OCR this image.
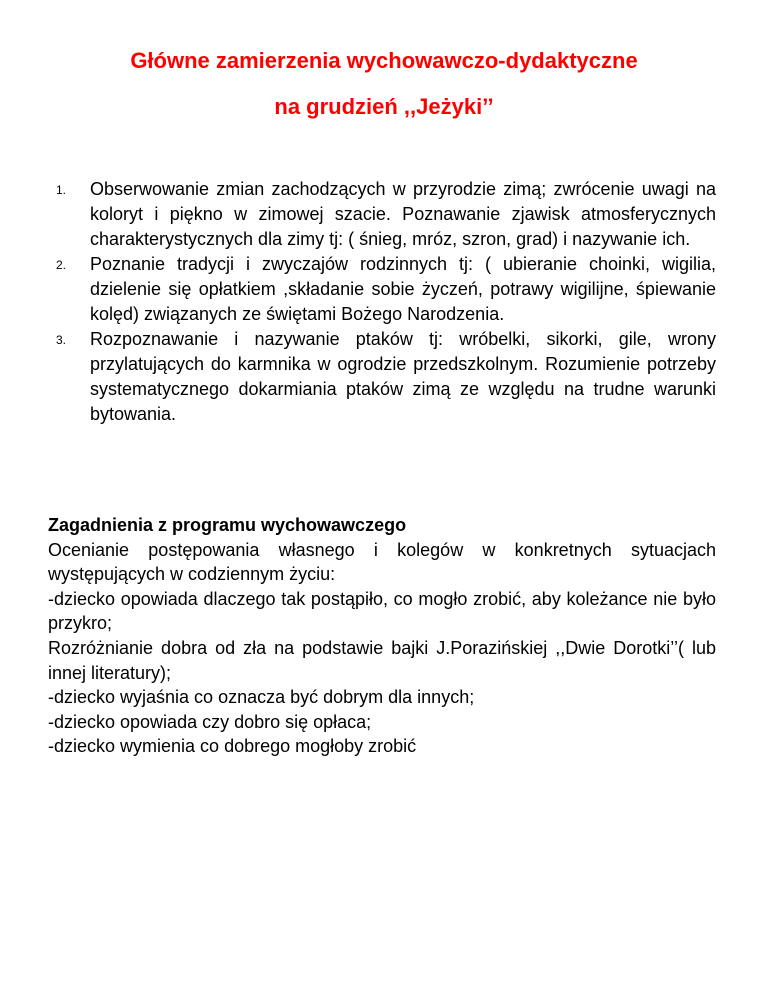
Główne zamierzenia wychowawczo-dydaktyczne
na grudzień ,,Jeżyki’’
1. Obserwowanie zmian zachodzących w przyrodzie zimą; zwrócenie uwagi na koloryt i piękno w zimowej szacie. Poznawanie zjawisk atmosferycznych charakterystycznych dla zimy tj: ( śnieg, mróz, szron, grad) i nazywanie ich.
2. Poznanie tradycji i zwyczajów rodzinnych tj: ( ubieranie choinki, wigilia, dzielenie się opłatkiem ,składanie sobie życzeń, potrawy wigilijne, śpiewanie kolęd) związanych ze świętami Bożego Narodzenia.
3. Rozpoznawanie i nazywanie ptaków tj: wróbelki, sikorki, gile, wrony przylatujących do karmnika w ogrodzie przedszkolnym. Rozumienie potrzeby systematycznego dokarmiania ptaków zimą ze względu na trudne warunki bytowania.
Zagadnienia z programu wychowawczego
Ocenianie postępowania własnego i kolegów w konkretnych sytuacjach występujących w codziennym życiu:
-dziecko opowiada dlaczego tak postąpiło, co mogło zrobić, aby koleżance nie było przykro;
Rozróżnianie dobra od zła na podstawie bajki J.Porazińskiej ,,Dwie Dorotki’’( lub innej literatury);
-dziecko wyjaśnia co oznacza być dobrym dla innych;
-dziecko opowiada czy dobro się opłaca;
-dziecko wymienia co dobrego mogłoby zrobić
